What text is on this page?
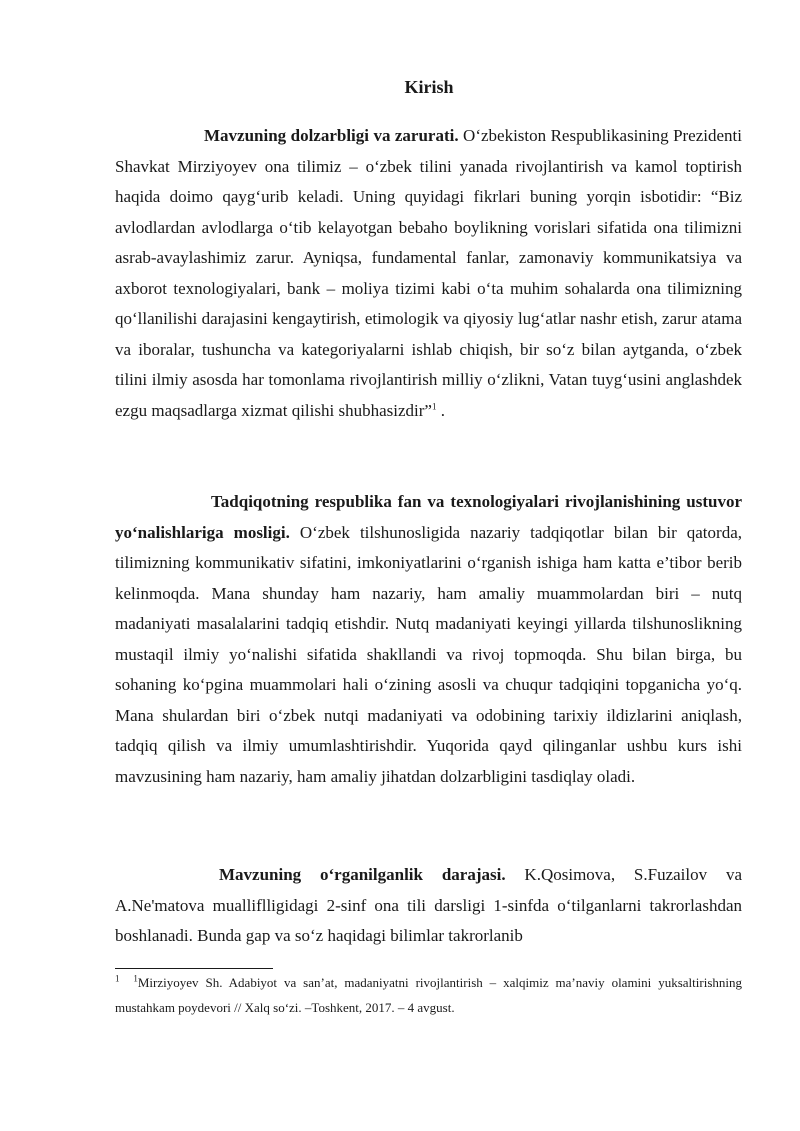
Kirish
Mavzuning dolzarbligi va zarurati. O‘zbekiston Respublikasining Prezidenti Shavkat Mirziyoyev ona tilimiz – o‘zbek tilini yanada rivojlantirish va kamol toptirish haqida doimo qayg‘urib keladi. Uning quyidagi fikrlari buning yorqin isbotidir: “Biz avlodlardan avlodlarga o‘tib kelayotgan bebaho boylikning vorislari sifatida ona tilimizni asrab-avaylashimiz zarur. Ayniqsa, fundamental fanlar, zamonaviy kommunikatsiya va axborot texnologiyalari, bank – moliya tizimi kabi o‘ta muhim sohalarda ona tilimizning qo‘llanilishi darajasini kengaytirish, etimologik va qiyosiy lug‘atlar nashr etish, zarur atama va iboralar, tushuncha va kategoriyalarni ishlab chiqish, bir so‘z bilan aytganda, o‘zbek tilini ilmiy asosda har tomonlama rivojlantirish milliy o‘zlikni, Vatan tuyg‘usini anglashdek ezgu maqsadlarga xizmat qilishi shubhasizdir”$^1$ .
Tadqiqotning respublika fan va texnologiyalari rivojlanishining ustuvor yo‘nalishlariga mosligi. O‘zbek tilshunosligida nazariy tadqiqotlar bilan bir qatorda, tilimizning kommunikativ sifatini, imkoniyatlarini o‘rganish ishiga ham katta e’tibor berib kelinmoqda. Mana shunday ham nazariy, ham amaliy muammolardan biri – nutq madaniyati masalalarini tadqiq etishdir. Nutq madaniyati keyingi yillarda tilshunoslikning mustaqil ilmiy yo‘nalishi sifatida shakllandi va rivoj topmoqda. Shu bilan birga, bu sohaning ko‘pgina muammolari hali o‘zining asosli va chuqur tadqiqini topganicha yo‘q. Mana shulardan biri o‘zbek nutqi madaniyati va odobining tarixiy ildizlarini aniqlash, tadqiq qilish va ilmiy umumlashtirishdir. Yuqorida qayd qilinganlar ushbu kurs ishi mavzusining ham nazariy, ham amaliy jihatdan dolzarbligini tasdiqlay oladi.
Mavzuning o‘rganilganlik darajasi. K.Qosimova, S.Fuzailov va A.Ne'matova mualliflligidagi 2-sinf ona tili darsligi 1-sinfda o‘tilganlarni takrorlashdan boshlanadi. Bunda gap va so‘z haqidagi bilimlar takrorlanib
$^1$ $^1$Mirziyoyev Sh. Adabiyot va san’at, madaniyatni rivojlantirish – xalqimiz ma’naviy olamini yuksaltirishning mustahkam poydevori // Xalq so‘zi. –Toshkent, 2017. – 4 avgust.
